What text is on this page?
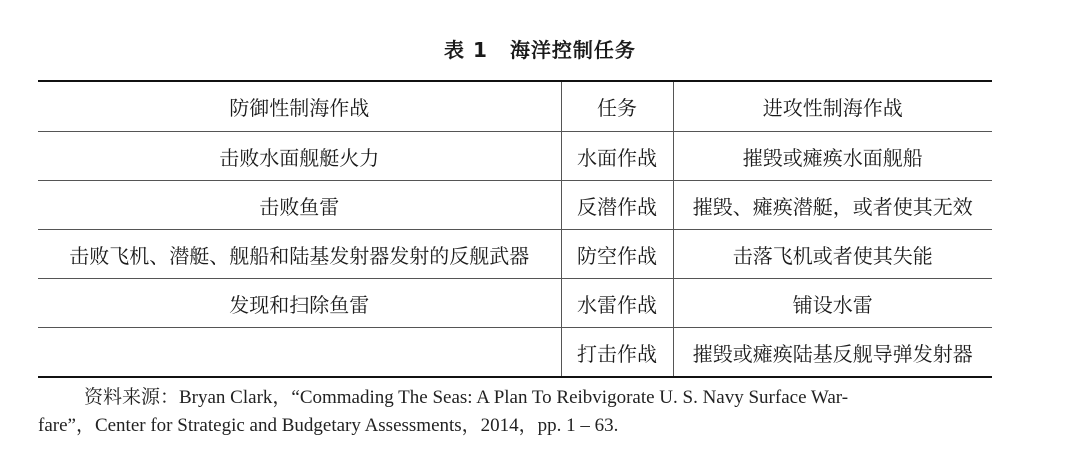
表 1 海洋控制任务
防御性制海作战	任务	进攻性制海作战
击败水面舰艇火力	水面作战	摧毁或瘫痪水面舰船
击败鱼雷	反潜作战	摧毁、瘫痪潜艇，或者使其无效
击败飞机、潜艇、舰船和陆基发射器发射的反舰武器	防空作战	击落飞机或者使其失能
发现和扫除鱼雷	水雷作战	铺设水雷
	打击作战	摧毁或瘫痪陆基反舰导弹发射器
资料来源：Bryan Clark，“Commading The Seas: A Plan To Reibvigorate U. S. Navy Surface War-
fare”，Center for Strategic and Budgetary Assessments，2014，pp. 1 – 63.
